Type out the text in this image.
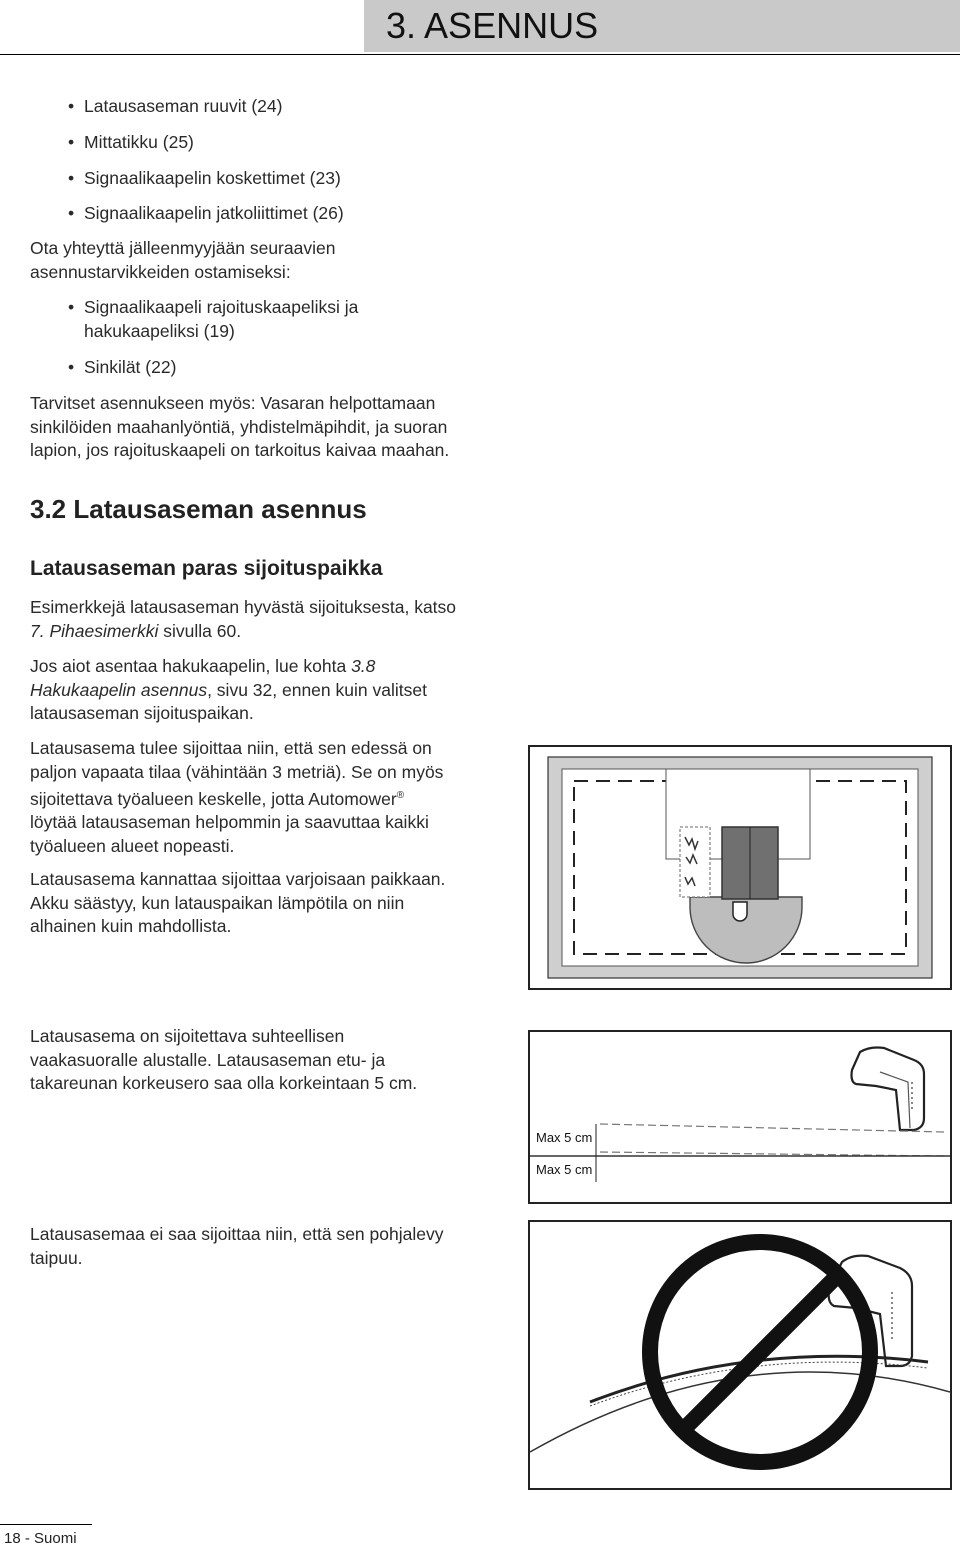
3. ASENNUS
• Latausaseman ruuvit (24)
• Mittatikku (25)
• Signaalikaapelin koskettimet (23)
• Signaalikaapelin jatkoliittimet (26)
Ota yhteyttä jälleenmyyjään seuraavien
asennustarvikkeiden ostamiseksi:
• Signaalikaapeli rajoituskaapeliksi ja
hakukaapeliksi (19)
• Sinkilät (22)
Tarvitset asennukseen myös: Vasaran helpottamaan
sinkilöiden maahanlyöntiä, yhdistelmäpihdit, ja suoran
lapion, jos rajoituskaapeli on tarkoitus kaivaa maahan.
3.2 Latausaseman asennus
Latausaseman paras sijoituspaikka
Esimerkkejä latausaseman hyvästä sijoituksesta, katso
7. Pihaesimerkki sivulla 60.
Jos aiot asentaa hakukaapelin, lue kohta 3.8
Hakukaapelin asennus, sivu 32, ennen kuin valitset
latausaseman sijoituspaikan.
Latausasema tulee sijoittaa niin, että sen edessä on
paljon vapaata tilaa (vähintään 3 metriä). Se on myös
sijoitettava työalueen keskelle, jotta Automower®
löytää latausaseman helpommin ja saavuttaa kaikki
työalueen alueet nopeasti.
Latausasema kannattaa sijoittaa varjoisaan paikkaan.
Akku säästyy, kun latauspaikan lämpötila on niin
alhainen kuin mahdollista.
Latausasema on sijoitettava suhteellisen
vaakasuoralle alustalle. Latausaseman etu- ja
takareunan korkeusero saa olla korkeintaan 5 cm.
Max 5 cm
Max 5 cm
Latausasemaa ei saa sijoittaa niin, että sen pohjalevy
taipuu.
18 - Suomi
